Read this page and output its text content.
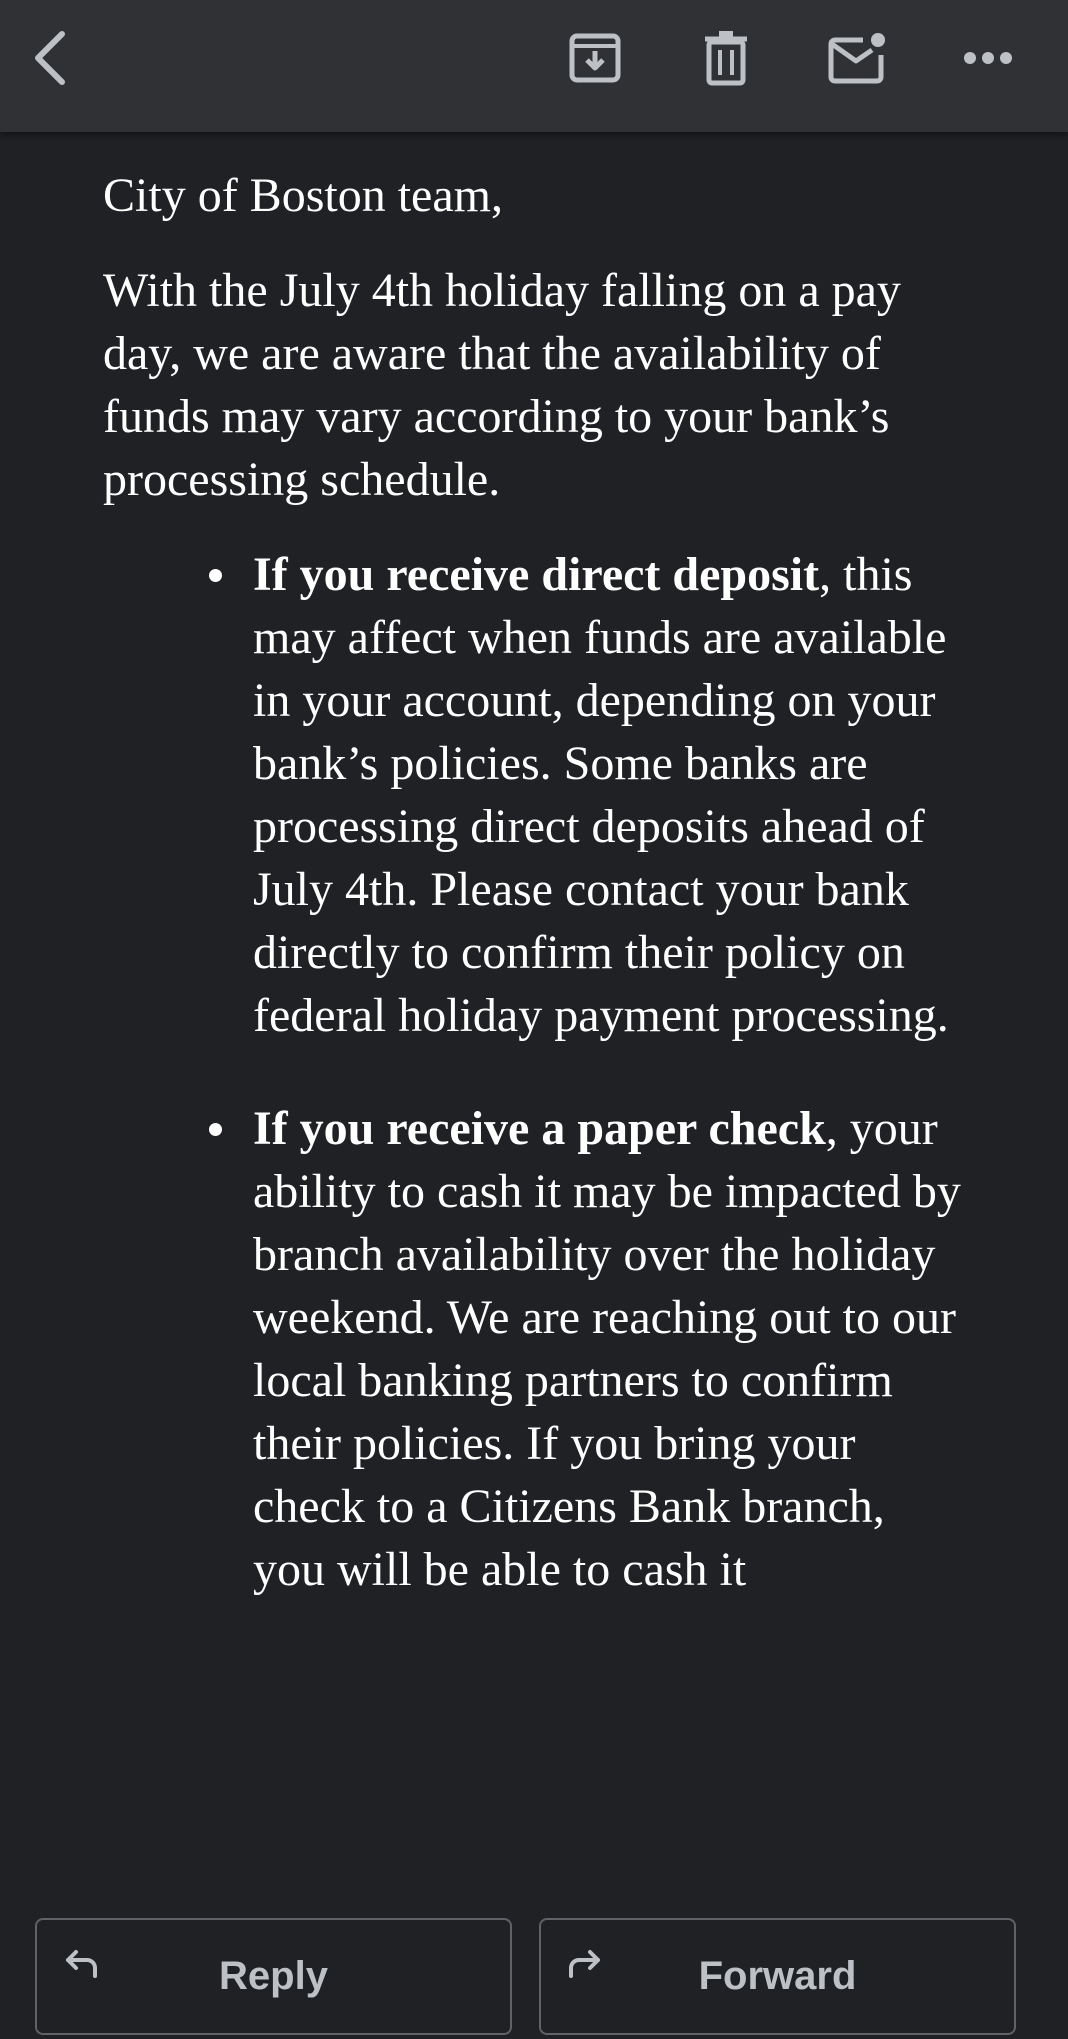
City of Boston team,

With the July 4th holiday falling on a pay day, we are aware that the availability of funds may vary according to your bank’s processing schedule.

If you receive direct deposit, this may affect when funds are available in your account, depending on your bank’s policies. Some banks are processing direct deposits ahead of July 4th. Please contact your bank directly to confirm their policy on federal holiday payment processing.
If you receive a paper check, your ability to cash it may be impacted by branch availability over the holiday weekend. We are reaching out to our local banking partners to confirm their policies. If you bring your check to a Citizens Bank branch, you will be able to cash it
Reply	Forward
